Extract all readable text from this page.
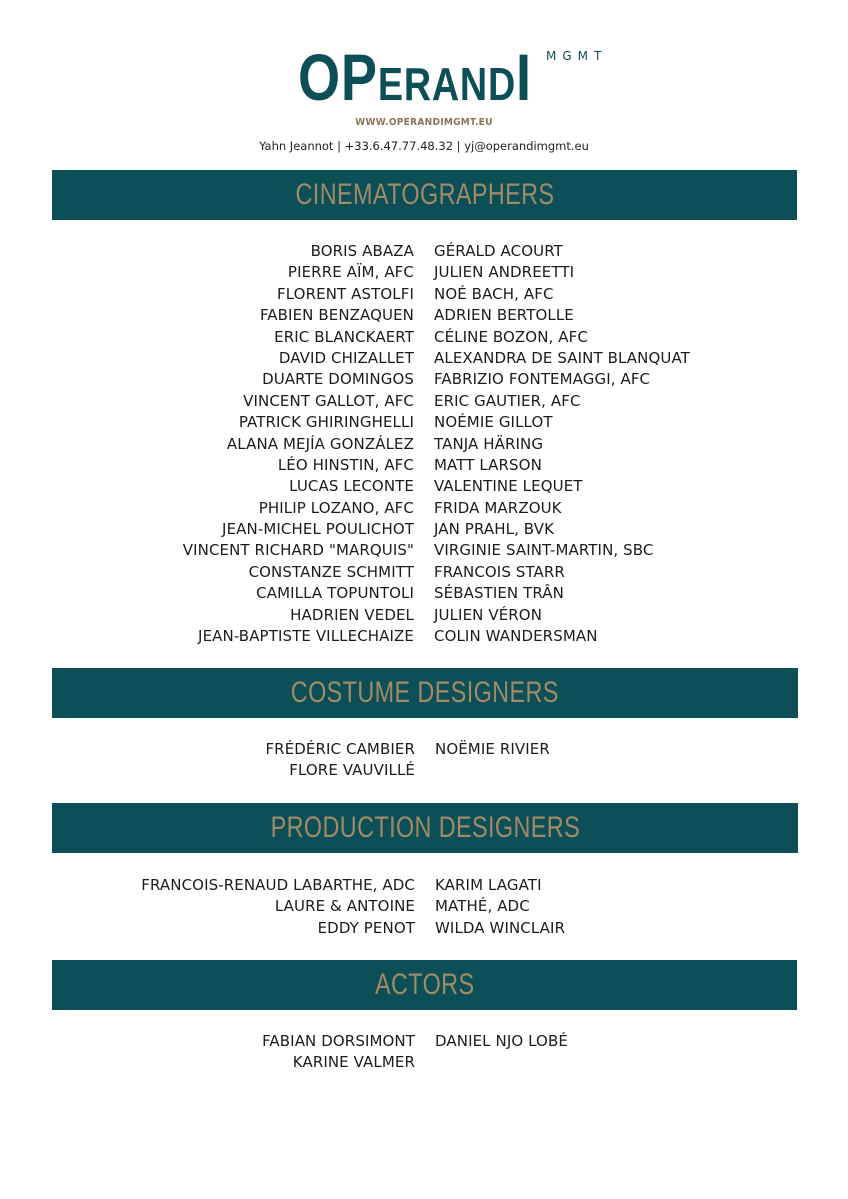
OP ERAND I MGMT
WWW.OPERANDIMGMT.EU
Yahn Jeannot | +33.6.47.77.48.32 | yj@operandimgmt.eu
CINEMATOGRAPHERS
BORIS ABAZA
PIERRE AÏM, AFC
FLORENT ASTOLFI
FABIEN BENZAQUEN
ERIC BLANCKAERT
DAVID CHIZALLET
DUARTE DOMINGOS
VINCENT GALLOT, AFC
PATRICK GHIRINGHELLI
ALANA MEJÍA GONZÁLEZ
LÉO HINSTIN, AFC
LUCAS LECONTE
PHILIP LOZANO, AFC
JEAN-MICHEL POULICHOT
VINCENT RICHARD "MARQUIS"
CONSTANZE SCHMITT
CAMILLA TOPUNTOLI
HADRIEN VEDEL
JEAN-BAPTISTE VILLECHAIZE
GÉRALD ACOURT
JULIEN ANDREETTI
NOÉ BACH, AFC
ADRIEN BERTOLLE
CÉLINE BOZON, AFC
ALEXANDRA DE SAINT BLANQUAT
FABRIZIO FONTEMAGGI, AFC
ERIC GAUTIER, AFC
NOÉMIE GILLOT
TANJA HÄRING
MATT LARSON
VALENTINE LEQUET
FRIDA MARZOUK
JAN PRAHL, BVK
VIRGINIE SAINT-MARTIN, SBC
FRANCOIS STARR
SÉBASTIEN TRÂN
JULIEN VÉRON
COLIN WANDERSMAN
COSTUME DESIGNERS
FRÉDÉRIC CAMBIER
FLORE VAUVILLÉ
NOËMIE RIVIER
PRODUCTION DESIGNERS
FRANCOIS-RENAUD LABARTHE, ADC
LAURE & ANTOINE
EDDY PENOT
KARIM LAGATI
MATHÉ, ADC
WILDA WINCLAIR
ACTORS
FABIAN DORSIMONT
KARINE VALMER
DANIEL NJO LOBÉ
